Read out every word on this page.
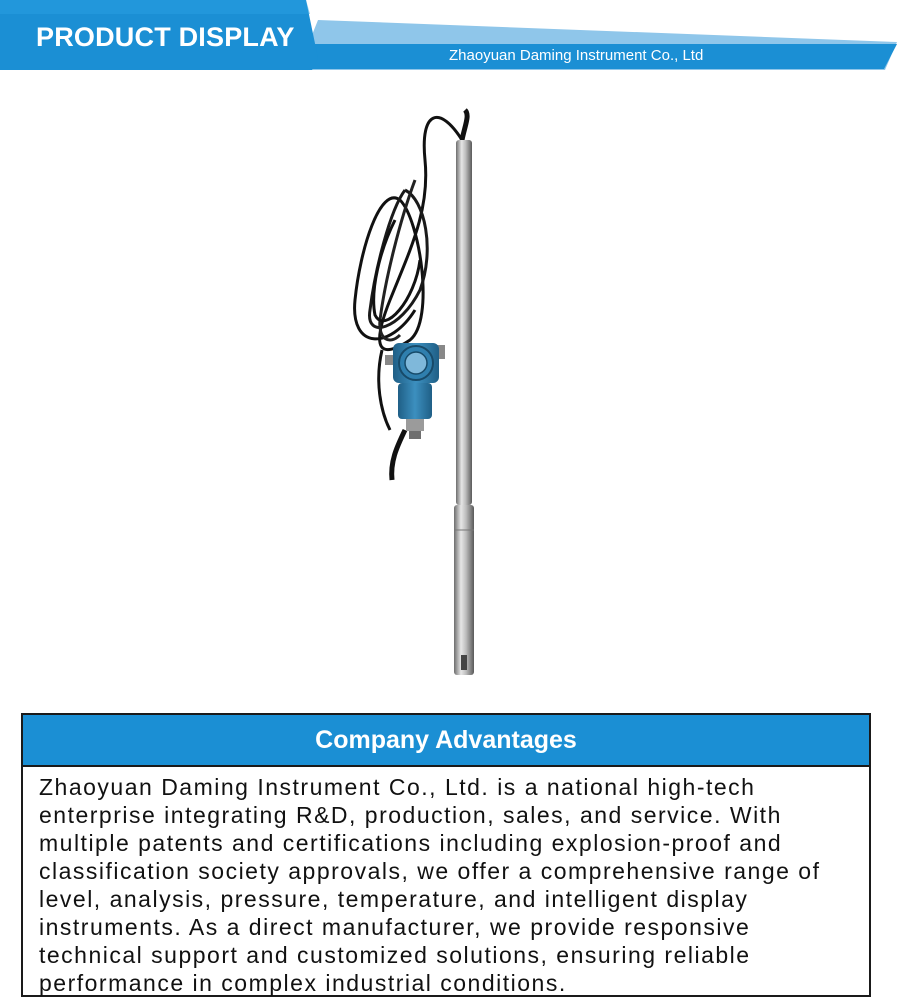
PRODUCT DISPLAY
Zhaoyuan Daming Instrument Co., Ltd
Company Advantages
Zhaoyuan Daming Instrument Co., Ltd. is a national high-tech enterprise integrating R&D, production, sales, and service. With multiple patents and certifications including explosion-proof and classification society approvals, we offer a comprehensive range of level, analysis, pressure, temperature, and intelligent display instruments. As a direct manufacturer, we provide responsive technical support and customized solutions, ensuring reliable performance in complex industrial conditions.
